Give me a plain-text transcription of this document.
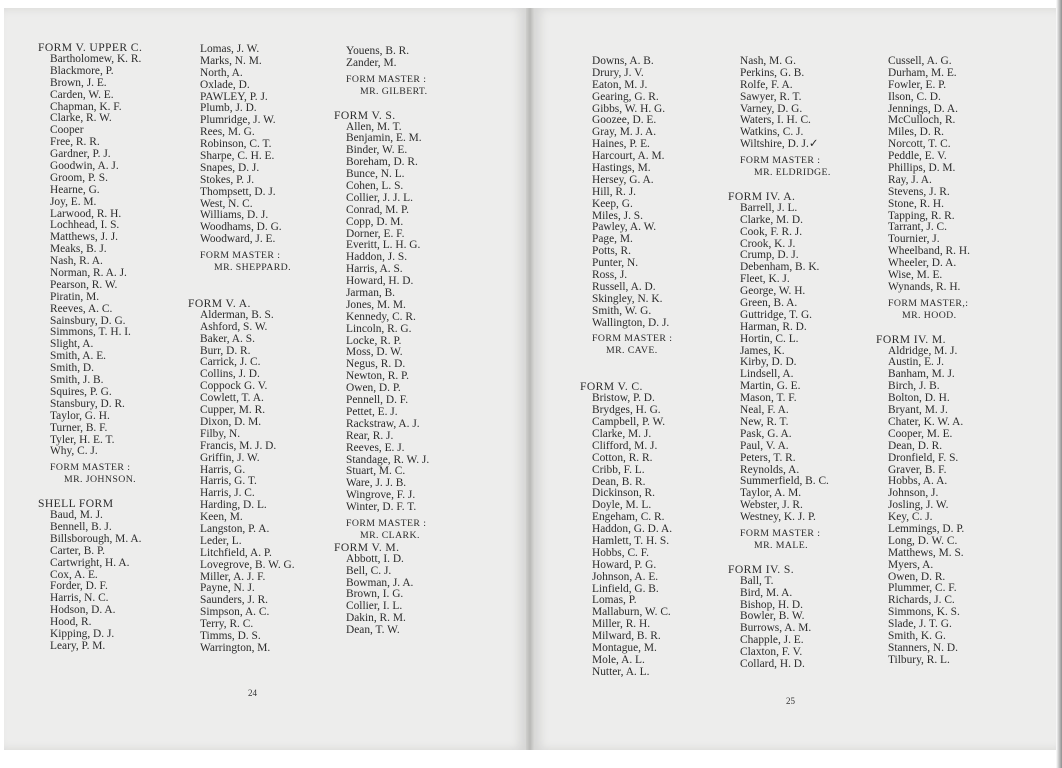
FORM V. UPPER C.
Bartholomew, K. R.
Blackmore, P.
Brown, J. E.
Carden, W. E.
Chapman, K. F.
Clarke, R. W.
Cooper
Free, R. R.
Gardner, P. J.
Goodwin, A. J.
Groom, P. S.
Hearne, G.
Joy, E. M.
Larwood, R. H.
Lochhead, I. S.
Matthews, J. J.
Meaks, B. J.
Nash, R. A.
Norman, R. A. J.
Pearson, R. W.
Piratin, M.
Reeves, A. C.
Sainsbury, D. G.
Simmons, T. H. I.
Slight, A.
Smith, A. E.
Smith, D.
Smith, J. B.
Squires, P. G.
Stansbury, D. R.
Taylor, G. H.
Turner, B. F.
Tyler, H. E. T.
Why, C. J.
FORM MASTER :
MR. JOHNSON.
SHELL FORM
Baud, M. J.
Bennell, B. J.
Billsborough, M. A.
Carter, B. P.
Cartwright, H. A.
Cox, A. E.
Forder, D. F.
Harris, N. C.
Hodson, D. A.
Hood, R.
Kipping, D. J.
Leary, P. M.
Lomas, J. W.
Marks, N. M.
North, A.
Oxlade, D.
PAWLEY, P. J.
Plumb, J. D.
Plumridge, J. W.
Rees, M. G.
Robinson, C. T.
Sharpe, C. H. E.
Snapes, D. J.
Stokes, P. J.
Thompsett, D. J.
West, N. C.
Williams, D. J.
Woodhams, D. G.
Woodward, J. E.
FORM MASTER :
MR. SHEPPARD.
FORM V. A.
Alderman, B. S.
Ashford, S. W.
Baker, A. S.
Burr, D. R.
Carrick, J. C.
Collins, J. D.
Coppock G. V.
Cowlett, T. A.
Cupper, M. R.
Dixon, D. M.
Filby, N.
Francis, M. J. D.
Griffin, J. W.
Harris, G.
Harris, G. T.
Harris, J. C.
Harding, D. L.
Keen, M.
Langston, P. A.
Leder, L.
Litchfield, A. P.
Lovegrove, B. W. G.
Miller, A. J. F.
Payne, N. J.
Saunders, J. R.
Simpson, A. C.
Terry, R. C.
Timms, D. S.
Warrington, M.
Youens, B. R.
Zander, M.
FORM MASTER :
MR. GILBERT.
FORM V. S.
Allen, M. T.
Benjamin, E. M.
Binder, W. E.
Boreham, D. R.
Bunce, N. L.
Cohen, L. S.
Collier, J. J. L.
Conrad, M. P.
Copp, D. M.
Dorner, E. F.
Everitt, L. H. G.
Haddon, J. S.
Harris, A. S.
Howard, H. D.
Jarman, B.
Jones, M. M.
Kennedy, C. R.
Lincoln, R. G.
Locke, R. P.
Moss, D. W.
Negus, R. D.
Newton, R. P.
Owen, D. P.
Pennell, D. F.
Pettet, E. J.
Rackstraw, A. J.
Rear, R. J.
Reeves, E. J.
Standage, R. W. J.
Stuart, M. C.
Ware, J. J. B.
Wingrove, F. J.
Winter, D. F. T.
FORM MASTER :
MR. CLARK.
FORM V. M.
Abbott, I. D.
Bell, C. J.
Bowman, J. A.
Brown, I. G.
Collier, I. L.
Dakin, R. M.
Dean, T. W.
Downs, A. B.
Drury, J. V.
Eaton, M. J.
Gearing, G. R.
Gibbs, W. H. G.
Goozee, D. E.
Gray, M. J. A.
Haines, P. E.
Harcourt, A. M.
Hastings, M.
Hersey, G. A.
Hill, R. J.
Keep, G.
Miles, J. S.
Pawley, A. W.
Page, M.
Potts, R.
Punter, N.
Ross, J.
Russell, A. D.
Skingley, N. K.
Smith, W. G.
Wallington, D. J.
FORM MASTER :
MR. CAVE.
FORM V. C.
Bristow, P. D.
Brydges, H. G.
Campbell, P. W.
Clarke, M. J.
Clifford, M. J.
Cotton, R. R.
Cribb, F. L.
Dean, B. R.
Dickinson, R.
Doyle, M. L.
Engeham, C. R.
Haddon, G. D. A.
Hamlett, T. H. S.
Hobbs, C. F.
Howard, P. G.
Johnson, A. E.
Linfield, G. B.
Lomas, P.
Mallaburn, W. C.
Miller, R. H.
Milward, B. R.
Montague, M.
Mole, A. L.
Nutter, A. L.
Nash, M. G.
Perkins, G. B.
Rolfe, F. A.
Sawyer, R. T.
Varney, D. G.
Waters, I. H. C.
Watkins, C. J.
Wiltshire, D. J.✓
FORM MASTER :
MR. ELDRIDGE.
FORM IV. A.
Barrell, J. L.
Clarke, M. D.
Cook, F. R. J.
Crook, K. J.
Crump, D. J.
Debenham, B. K.
Fleet, K. J.
George, W. H.
Green, B. A.
Guttridge, T. G.
Harman, R. D.
Hortin, C. L.
James, K.
Kirby, D. D.
Lindsell, A.
Martin, G. E.
Mason, T. F.
Neal, F. A.
New, R. T.
Pask, G. A.
Paul, V. A.
Peters, T. R.
Reynolds, A.
Summerfield, B. C.
Taylor, A. M.
Webster, J. R.
Westney, K. J. P.
FORM MASTER :
MR. MALE.
FORM IV. S.
Ball, T.
Bird, M. A.
Bishop, H. D.
Bowler, B. W.
Burrows, A. M.
Chapple, J. E.
Claxton, F. V.
Collard, H. D.
Cussell, A. G.
Durham, M. E.
Fowler, E. P.
Ilson, C. D.
Jennings, D. A.
McCulloch, R.
Miles, D. R.
Norcott, T. C.
Peddle, E. V.
Phillips, D. M.
Ray, J. A.
Stevens, J. R.
Stone, R. H.
Tapping, R. R.
Tarrant, J. C.
Tournier, J.
Wheelband, R. H.
Wheeler, D. A.
Wise, M. E.
Wynands, R. H.
FORM MASTER,:
MR. HOOD.
FORM IV. M.
Aldridge, M. J.
Austin, E. J.
Banham, M. J.
Birch, J. B.
Bolton, D. H.
Bryant, M. J.
Chater, K. W. A.
Cooper, M. E.
Dean, D. R.
Dronfield, F. S.
Graver, B. F.
Hobbs, A. A.
Johnson, J.
Josling, J. W.
Key, C. J.
Lemmings, D. P.
Long, D. W. C.
Matthews, M. S.
Myers, A.
Owen, D. R.
Plummer, C. F.
Richards, J. C.
Simmons, K. S.
Slade, J. T. G.
Smith, K. G.
Stanners, N. D.
Tilbury, R. L.
24
25
